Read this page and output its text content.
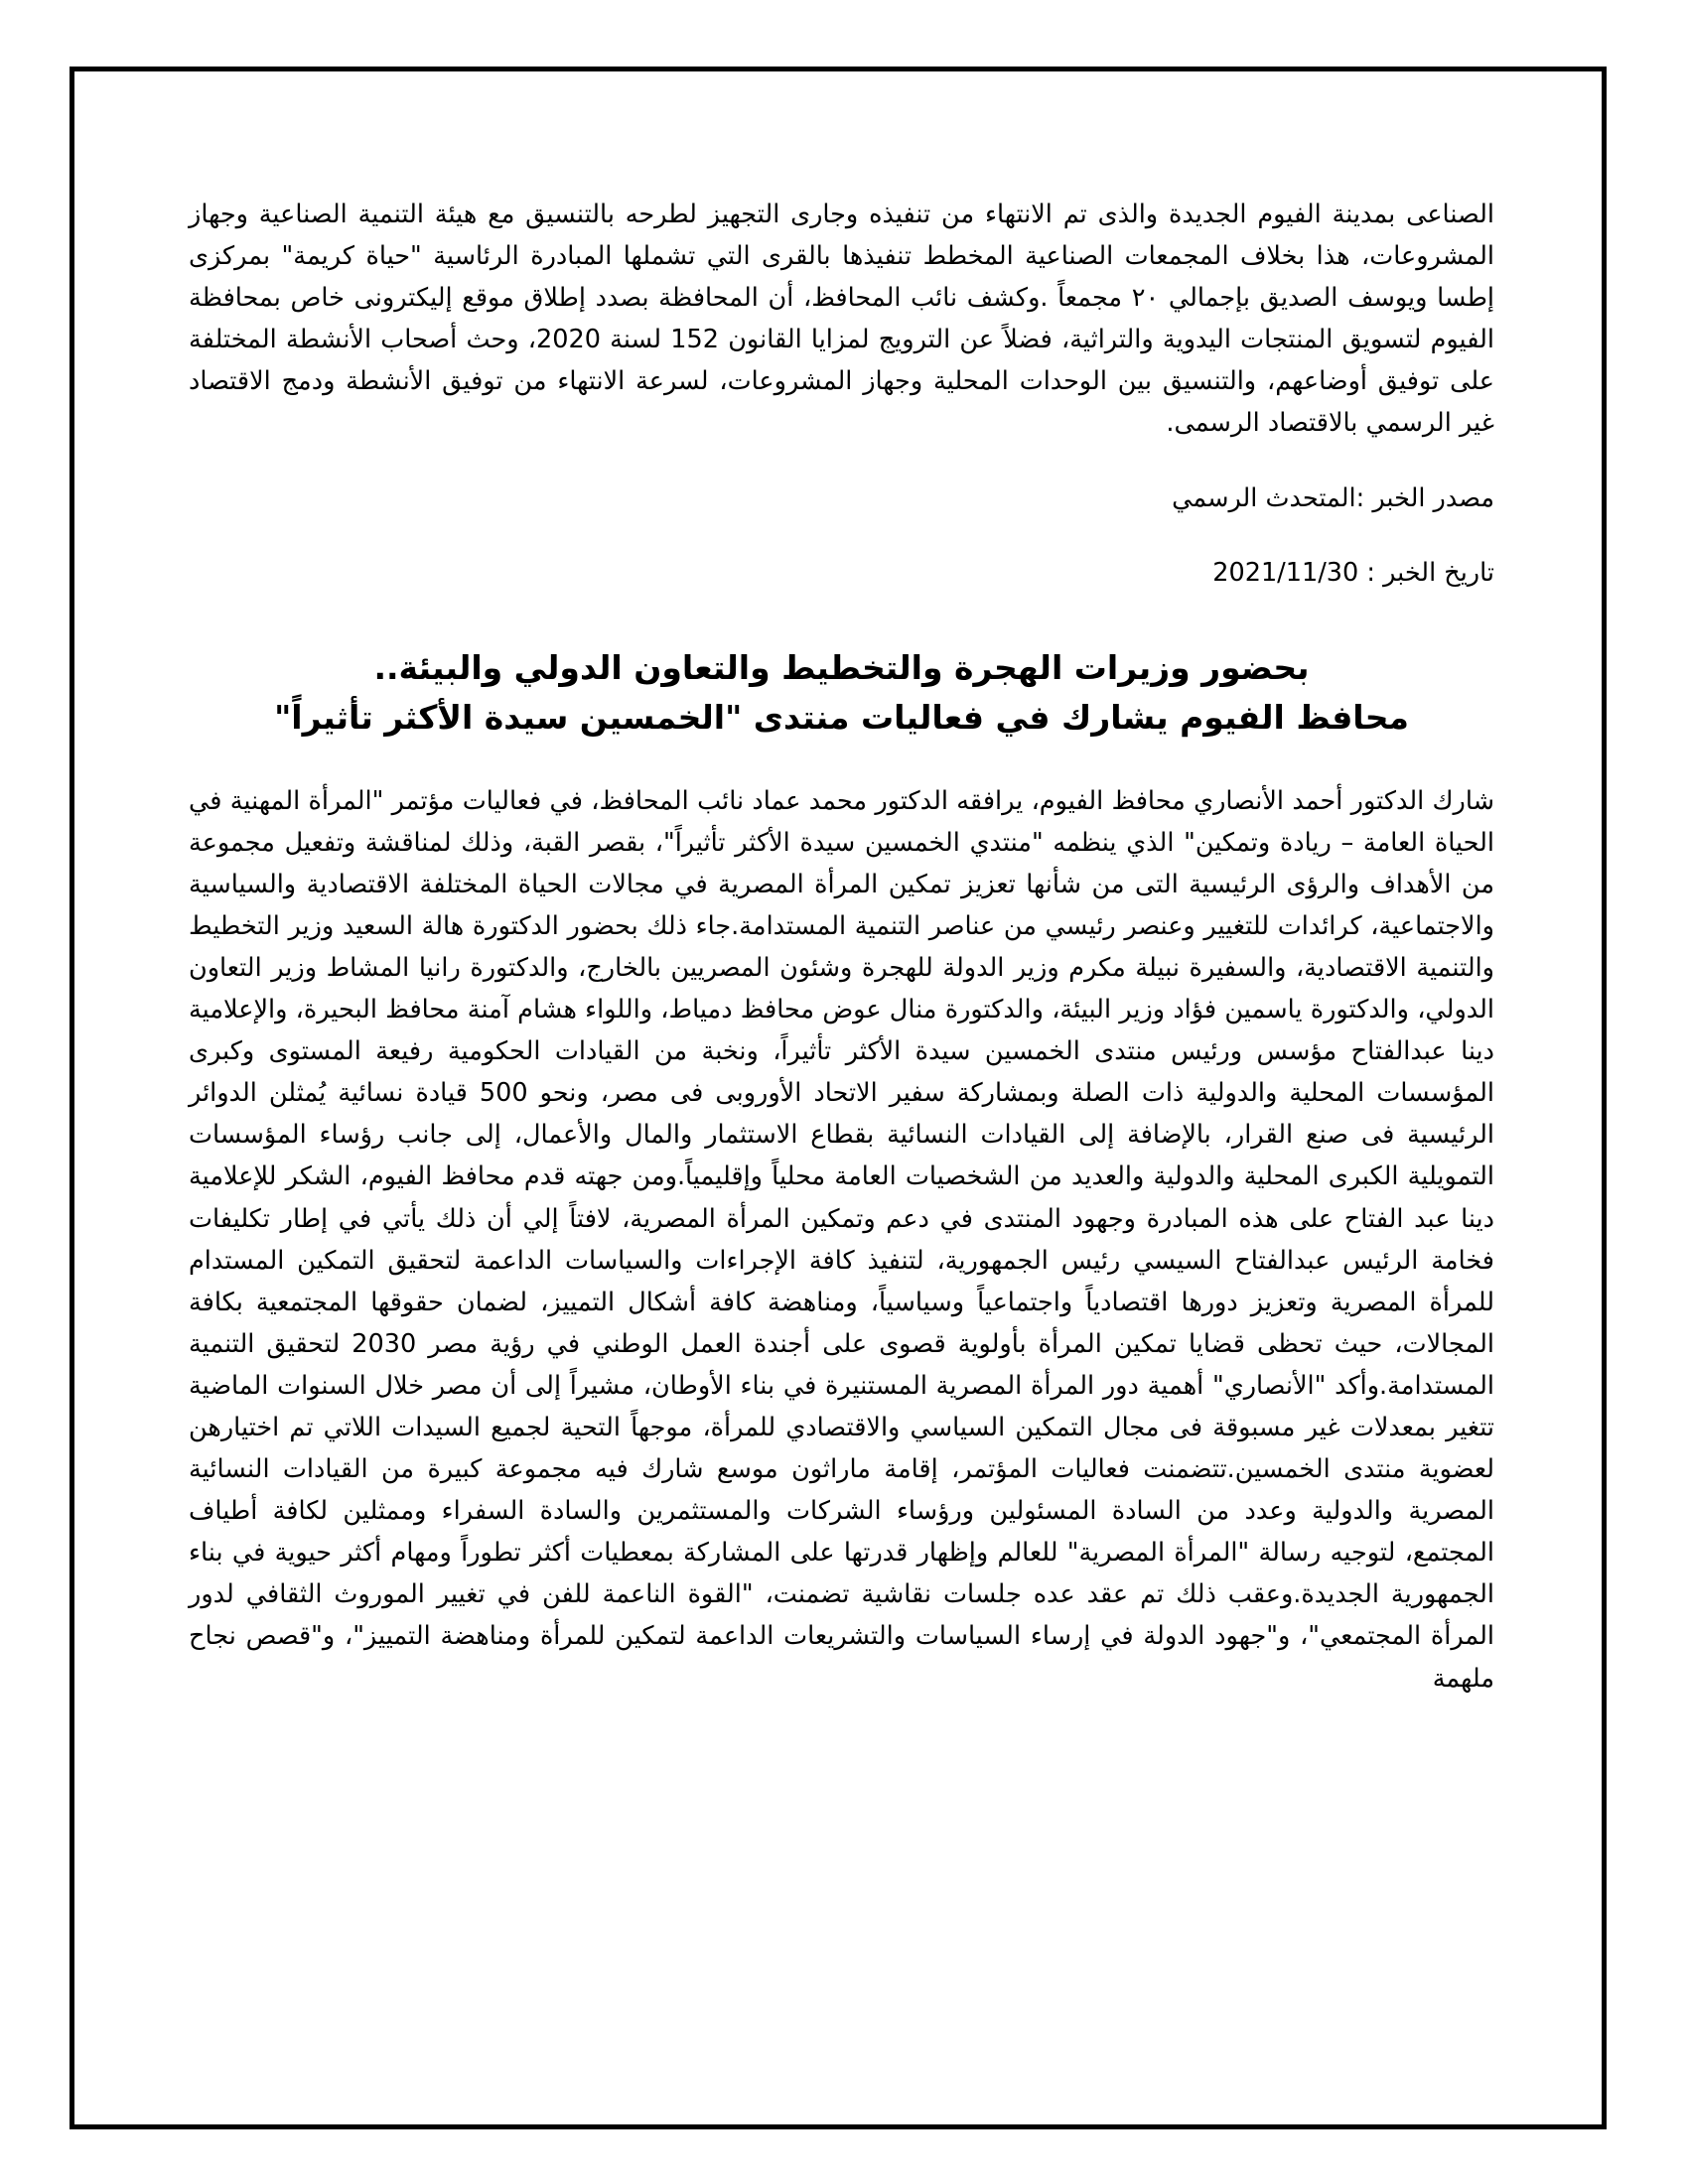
الصناعى بمدينة الفيوم الجديدة والذى تم الانتهاء من تنفيذه وجارى التجهيز لطرحه بالتنسيق مع هيئة التنمية الصناعية وجهاز المشروعات، هذا بخلاف المجمعات الصناعية المخطط تنفيذها بالقرى التي تشملها المبادرة الرئاسية "حياة كريمة" بمركزى إطسا ويوسف الصديق بإجمالي ٢٠ مجمعاً .وكشف نائب المحافظ، أن المحافظة بصدد إطلاق موقع إليكترونى خاص بمحافظة الفيوم لتسويق المنتجات اليدوية والتراثية، فضلاً عن الترويج لمزايا القانون 152 لسنة 2020، وحث أصحاب الأنشطة المختلفة على توفيق أوضاعهم، والتنسيق بين الوحدات المحلية وجهاز المشروعات، لسرعة الانتهاء من توفيق الأنشطة ودمج الاقتصاد غير الرسمي بالاقتصاد الرسمى.

مصدر الخبر :المتحدث الرسمي

تاريخ الخبر : 2021/11/30

بحضور وزيرات الهجرة والتخطيط والتعاون الدولي والبيئة..
محافظ الفيوم يشارك في فعاليات منتدى "الخمسين سيدة الأكثر تأثيراً"

شارك الدكتور أحمد الأنصاري محافظ الفيوم، يرافقه الدكتور محمد عماد نائب المحافظ، في فعاليات مؤتمر "المرأة المهنية في الحياة العامة – ريادة وتمكين" الذي ينظمه "منتدي الخمسين سيدة الأكثر تأثيراً"، بقصر القبة، وذلك لمناقشة وتفعيل مجموعة من الأهداف والرؤى الرئيسية التى من شأنها تعزيز تمكين المرأة المصرية في مجالات الحياة المختلفة الاقتصادية والسياسية والاجتماعية، كرائدات للتغيير وعنصر رئيسي من عناصر التنمية المستدامة.جاء ذلك بحضور الدكتورة هالة السعيد وزير التخطيط والتنمية الاقتصادية، والسفيرة نبيلة مكرم وزير الدولة للهجرة وشئون المصريين بالخارج، والدكتورة رانيا المشاط وزير التعاون الدولي، والدكتورة ياسمين فؤاد وزير البيئة، والدكتورة منال عوض محافظ دمياط، واللواء هشام آمنة محافظ البحيرة، والإعلامية دينا عبدالفتاح مؤسس ورئيس منتدى الخمسين سيدة الأكثر تأثيراً، ونخبة من القيادات الحكومية رفيعة المستوى وكبرى المؤسسات المحلية والدولية ذات الصلة وبمشاركة سفير الاتحاد الأوروبى فى مصر، ونحو 500 قيادة نسائية يُمثلن الدوائر الرئيسية فى صنع القرار، بالإضافة إلى القيادات النسائية بقطاع الاستثمار والمال والأعمال، إلى جانب رؤساء المؤسسات التمويلية الكبرى المحلية والدولية والعديد من الشخصيات العامة محلياً وإقليمياً.ومن جهته قدم محافظ الفيوم، الشكر للإعلامية دينا عبد الفتاح على هذه المبادرة وجهود المنتدى في دعم وتمكين المرأة المصرية، لافتاً إلي أن ذلك يأتي في إطار تكليفات فخامة الرئيس عبدالفتاح السيسي رئيس الجمهورية، لتنفيذ كافة الإجراءات والسياسات الداعمة لتحقيق التمكين المستدام للمرأة المصرية وتعزيز دورها اقتصادياً واجتماعياً وسياسياً، ومناهضة كافة أشكال التمييز، لضمان حقوقها المجتمعية بكافة المجالات، حيث تحظى قضايا تمكين المرأة بأولوية قصوى على أجندة العمل الوطني في رؤية مصر 2030 لتحقيق التنمية المستدامة.وأكد "الأنصاري" أهمية دور المرأة المصرية المستنيرة في بناء الأوطان، مشيراً إلى أن مصر خلال السنوات الماضية تتغير بمعدلات غير مسبوقة فى مجال التمكين السياسي والاقتصادي للمرأة، موجهاً التحية لجميع السيدات اللاتي تم اختيارهن لعضوية منتدى الخمسين.تتضمنت فعاليات المؤتمر، إقامة ماراثون موسع شارك فيه مجموعة كبيرة من القيادات النسائية المصرية والدولية وعدد من السادة المسئولين ورؤساء الشركات والمستثمرين والسادة السفراء وممثلين لكافة أطياف المجتمع، لتوجيه رسالة "المرأة المصرية" للعالم وإظهار قدرتها على المشاركة بمعطيات أكثر تطوراً ومهام أكثر حيوية في بناء الجمهورية الجديدة.وعقب ذلك تم عقد عده جلسات نقاشية تضمنت، "القوة الناعمة للفن في تغيير الموروث الثقافي لدور المرأة المجتمعي"، و"جهود الدولة في إرساء السياسات والتشريعات الداعمة لتمكين للمرأة ومناهضة التمييز"، و"قصص نجاح ملهمة
